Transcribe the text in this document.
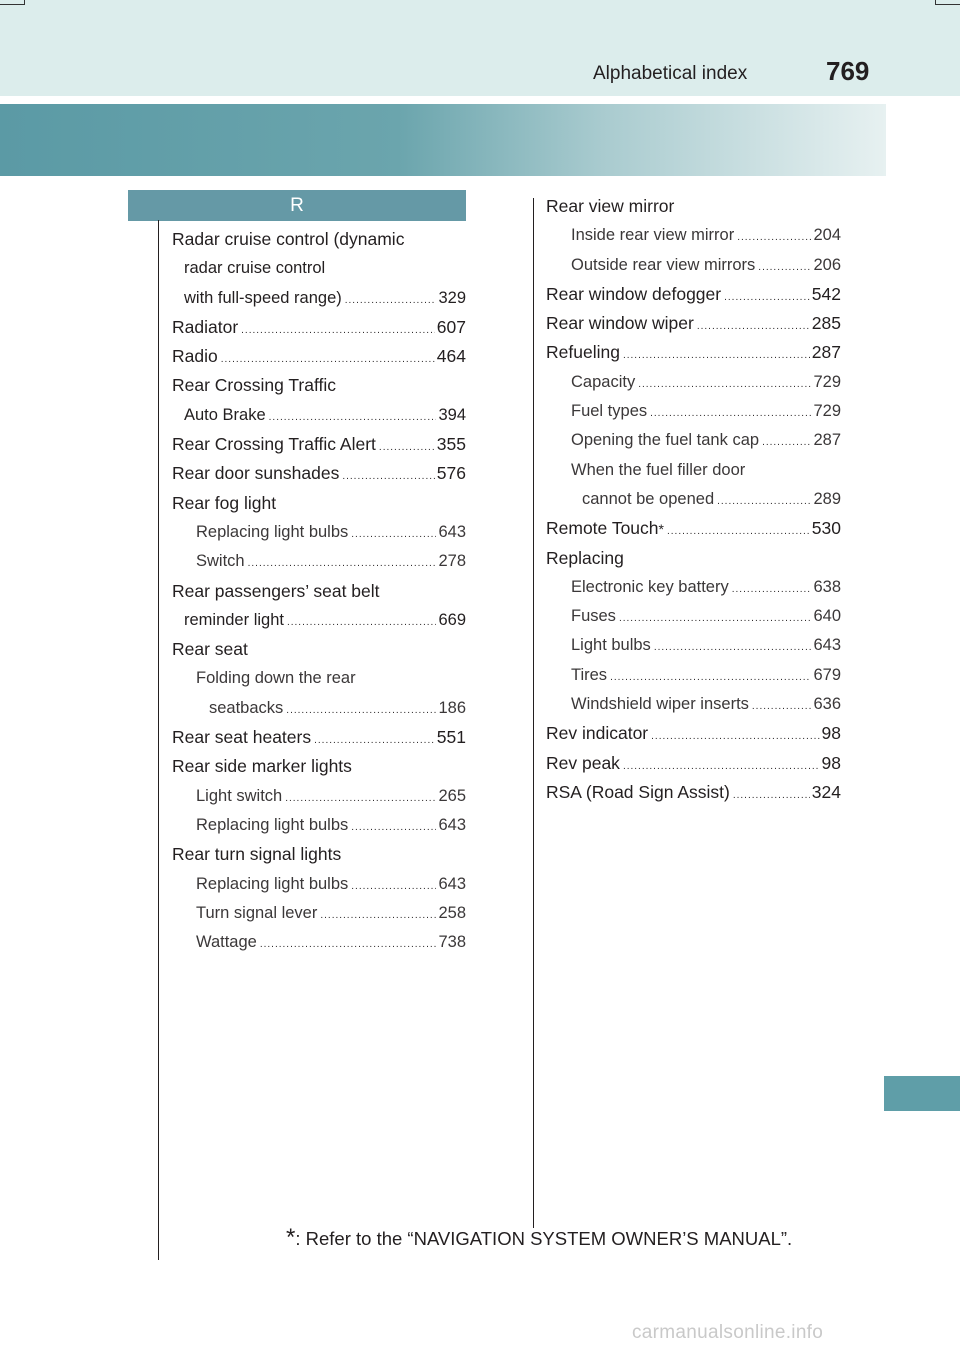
Alphabetical index	769
R
Radar cruise control (dynamic
radar cruise control
with full-speed range) .....	329
Radiator .....	607
Radio .....	464
Rear Crossing Traffic
Auto Brake .....	394
Rear Crossing Traffic Alert .....	355
Rear door sunshades .....	576
Rear fog light
Replacing light bulbs .....	643
Switch .....	278
Rear passengers’ seat belt
reminder light .....	669
Rear seat
Folding down the rear
seatbacks .....	186
Rear seat heaters .....	551
Rear side marker lights
Light switch .....	265
Replacing light bulbs .....	643
Rear turn signal lights
Replacing light bulbs .....	643
Turn signal lever .....	258
Wattage .....	738
Rear view mirror
Inside rear view mirror .....	204
Outside rear view mirrors .....	206
Rear window defogger .....	542
Rear window wiper .....	285
Refueling .....	287
Capacity .....	729
Fuel types .....	729
Opening the fuel tank cap .....	287
When the fuel filler door
cannot be opened .....	289
Remote Touch * .....	530
Replacing
Electronic key battery .....	638
Fuses .....	640
Light bulbs .....	643
Tires .....	679
Windshield wiper inserts .....	636
Rev indicator .....	98
Rev peak .....	98
RSA (Road Sign Assist) .....	324
*: Refer to the “NAVIGATION SYSTEM OWNER’S MANUAL”.
carmanualsonline.info
